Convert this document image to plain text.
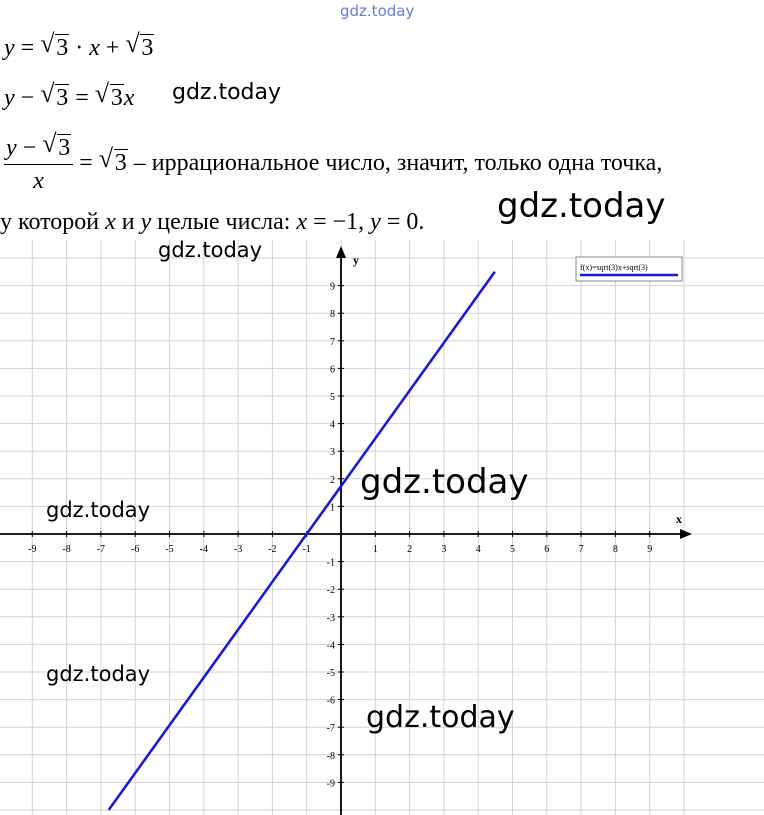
gdz.today
y = √ 3 · x + √ 3
y − √ 3 = √ 3x gdz.today
$\frac{y - √ 3}{x}$ = √ 3 – иррациональное число, значит, только одна точка,
у которой x и y целые числа: x = −1, y = 0. gdz.today
-9	-8	-7	-6	-5	-4	-3	-2	-1	1	2	3	4	5	6	7	8	9
-9
-8
-7
-6
-5
-4
-3
-2
-1
1
2
3
4
5
6
7
8
9
f(x)=sqrt(3)x+sqrt(3)
x
y
gdz.today
gdz.today
gdz.today
gdz.today
gdz.today
